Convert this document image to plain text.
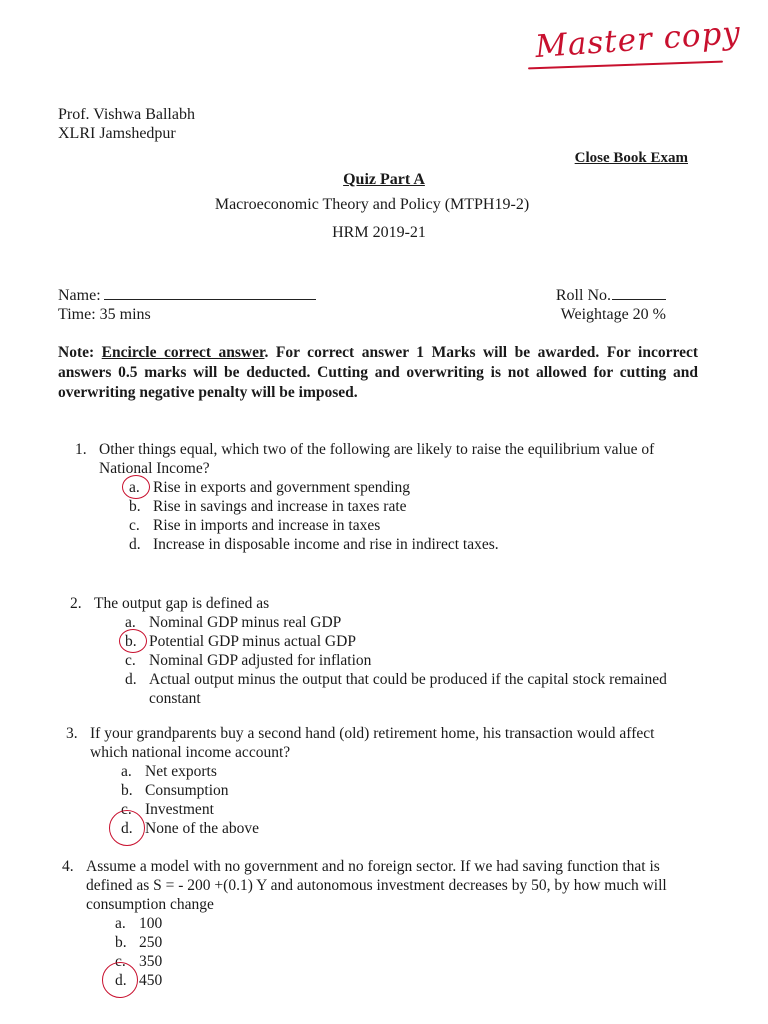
Master copy
Prof. Vishwa Ballabh
XLRI Jamshedpur
Close Book Exam
Quiz Part A
Macroeconomic Theory and Policy (MTPH19-2)
HRM 2019-21
Name:
Time: 35 mins
Roll No.
Weightage 20 %
Note: Encircle correct answer. For correct answer 1 Marks will be awarded. For incorrect answers 0.5 marks will be deducted. Cutting and overwriting is not allowed for cutting and overwriting negative penalty will be imposed.
1. Other things equal, which two of the following are likely to raise the equilibrium value of National Income?
a. Rise in exports and government spending
b. Rise in savings and increase in taxes rate
c. Rise in imports and increase in taxes
d. Increase in disposable income and rise in indirect taxes.
2. The output gap is defined as
a. Nominal GDP minus real GDP
b. Potential GDP minus actual GDP
c. Nominal GDP adjusted for inflation
d. Actual output minus the output that could be produced if the capital stock remained constant
3. If your grandparents buy a second hand (old) retirement home, his transaction would affect which national income account?
a. Net exports
b. Consumption
c. Investment
d. None of the above
4. Assume a model with no government and no foreign sector. If we had saving function that is defined as S = - 200 +(0.1) Y and autonomous investment decreases by 50, by how much will consumption change
a. 100
b. 250
c. 350
d. 450
